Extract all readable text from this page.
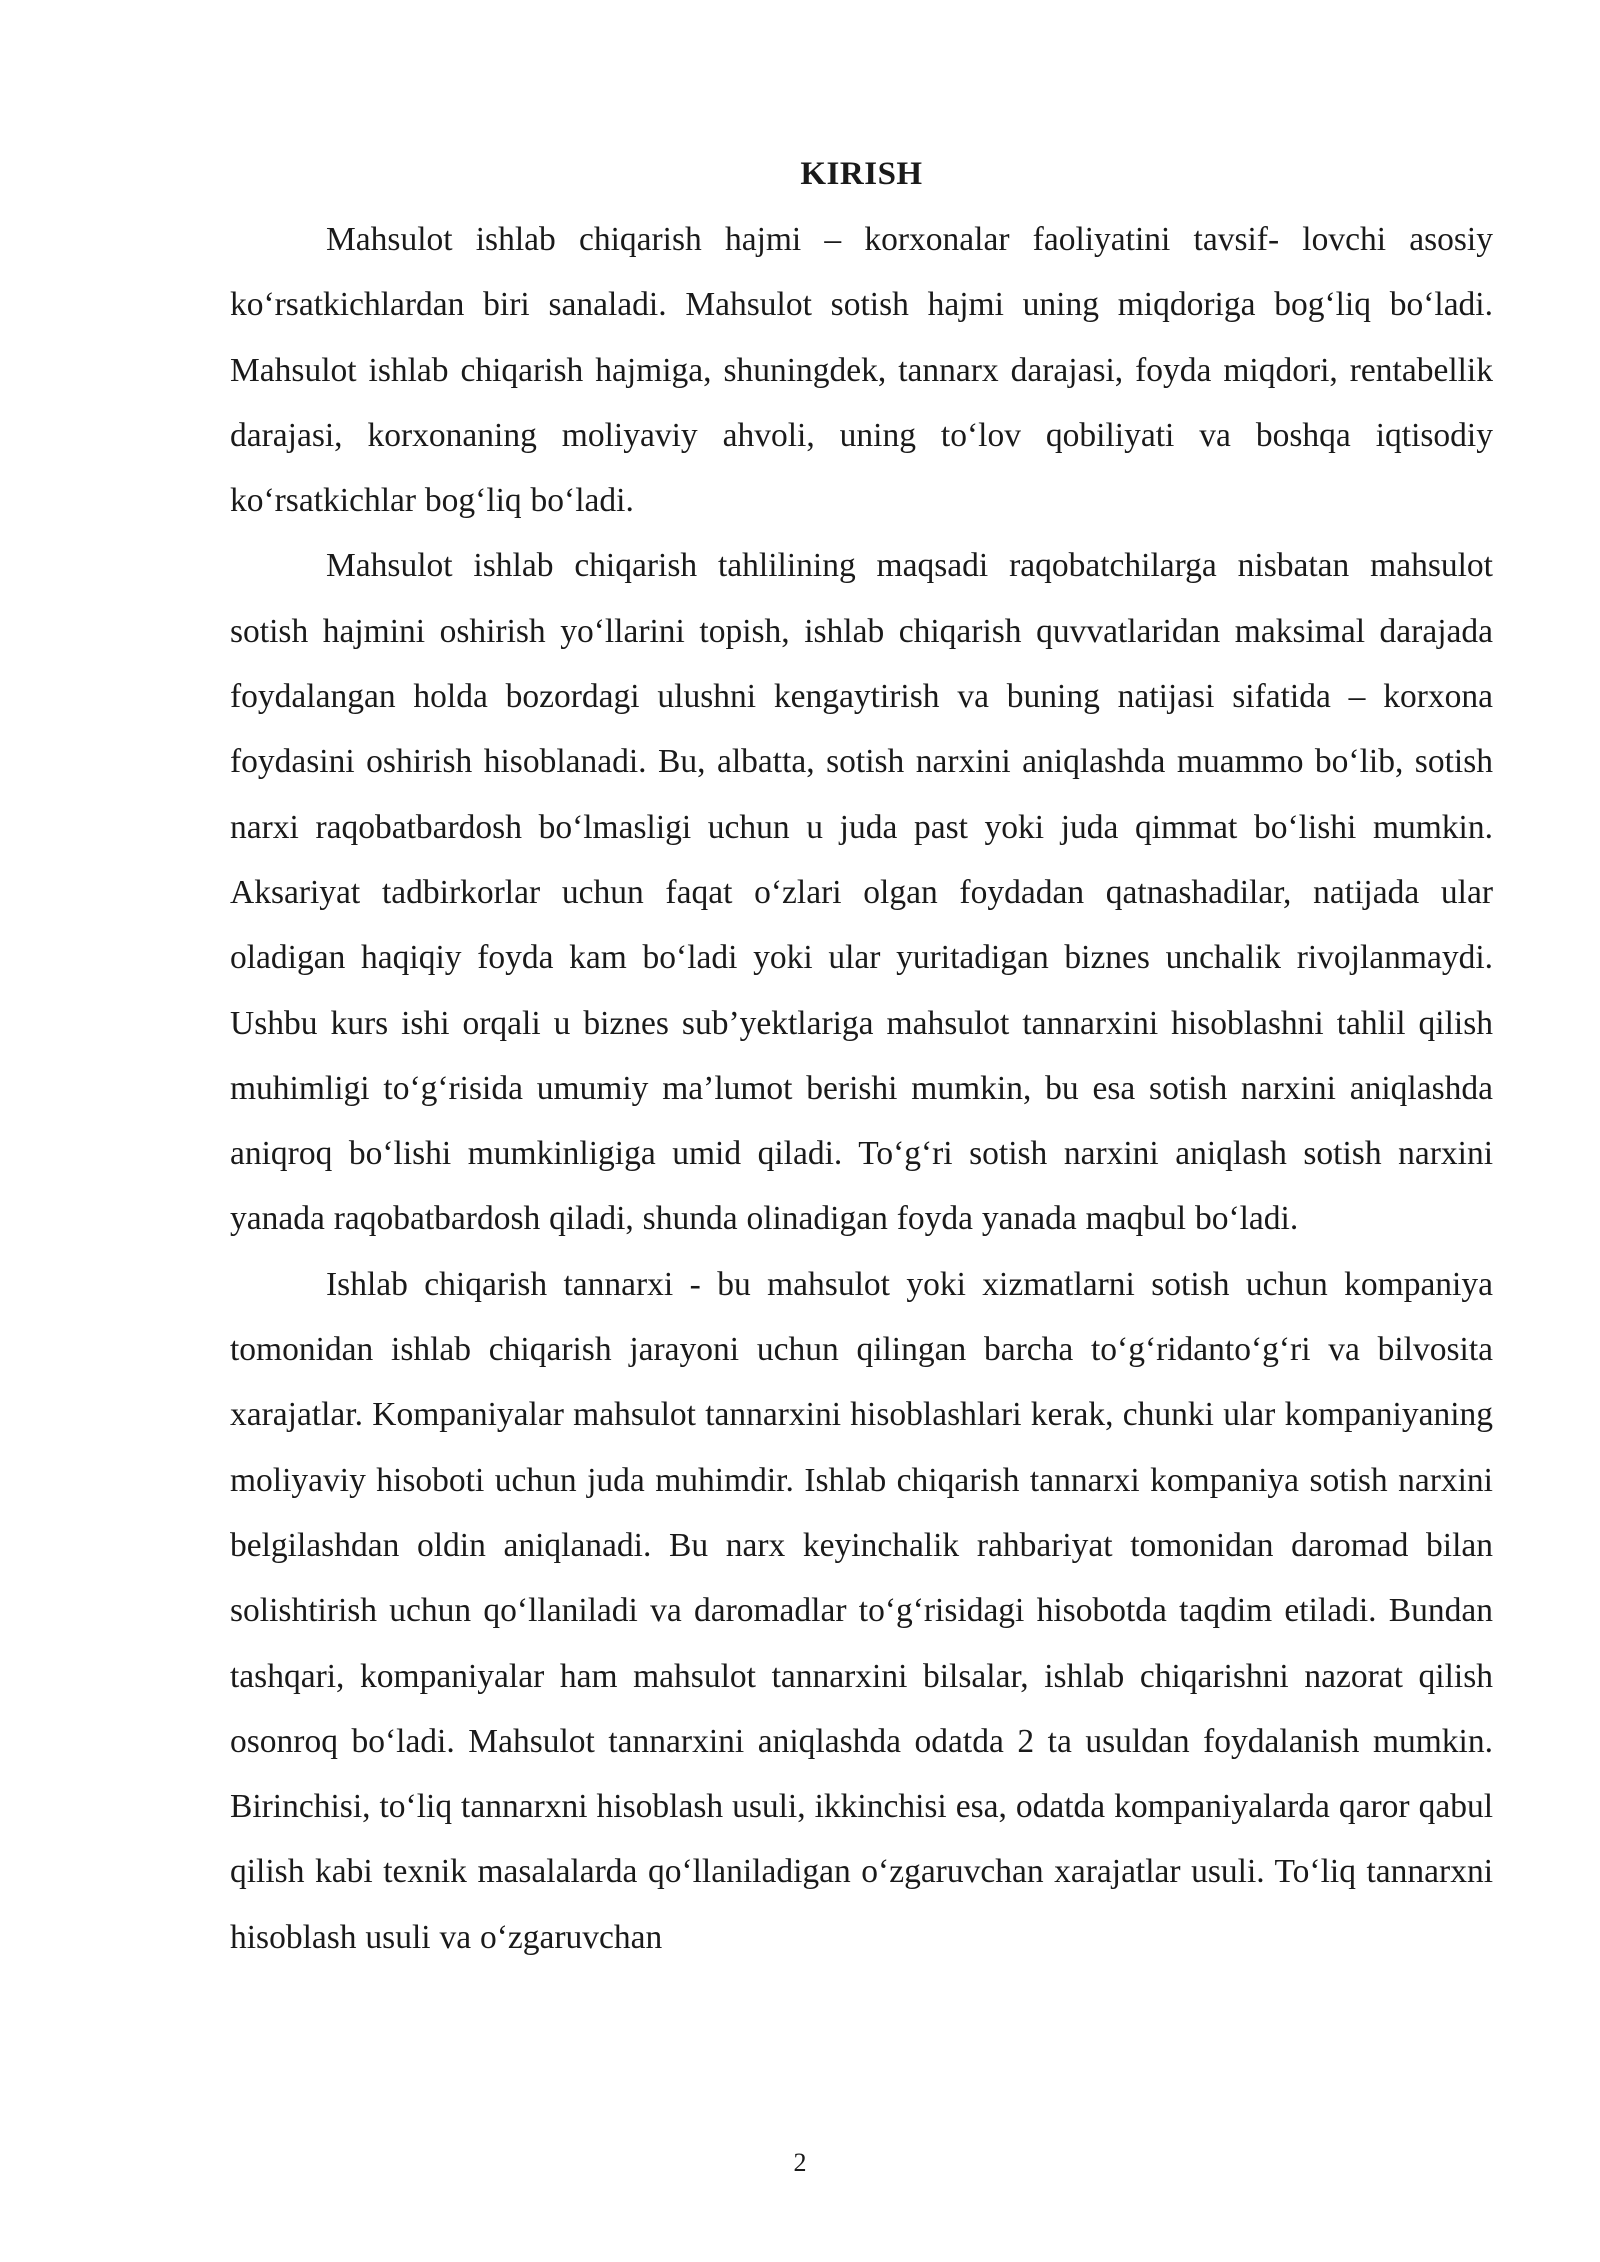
KIRISH

Mahsulot ishlab chiqarish hajmi – korxonalar faoliyatini tavsif- lovchi asosiy ko‘rsatkichlardan biri sanaladi. Mahsulot sotish hajmi uning miqdoriga bog‘liq bo‘ladi. Mahsulot ishlab chiqarish hajmiga, shuningdek, tannarx darajasi, foyda miqdori, rentabellik darajasi, korxonaning moliyaviy ahvoli, uning to‘lov qobiliyati va boshqa iqtisodiy ko‘rsatkichlar bog‘liq bo‘ladi.

Mahsulot ishlab chiqarish tahlilining maqsadi raqobatchilarga nisbatan mahsulot sotish hajmini oshirish yo‘llarini topish, ishlab chiqarish quvvatlaridan maksimal darajada foydalangan holda bozordagi ulushni kengaytirish va buning natijasi sifatida – korxona foydasini oshirish hisoblanadi. Bu, albatta, sotish narxini aniqlashda muammo bo‘lib, sotish narxi raqobatbardosh bo‘lmasligi uchun u juda past yoki juda qimmat bo‘lishi mumkin. Aksariyat tadbirkorlar uchun faqat o‘zlari olgan foydadan qatnashadilar, natijada ular oladigan haqiqiy foyda kam bo‘ladi yoki ular yuritadigan biznes unchalik rivojlanmaydi. Ushbu kurs ishi orqali u biznes sub’yektlariga mahsulot tannarxini hisoblashni tahlil qilish muhimligi to‘g‘risida umumiy ma’lumot berishi mumkin, bu esa sotish narxini aniqlashda aniqroq bo‘lishi mumkinligiga umid qiladi. To‘g‘ri sotish narxini aniqlash sotish narxini yanada raqobatbardosh qiladi, shunda olinadigan foyda yanada maqbul bo‘ladi.

Ishlab chiqarish tannarxi - bu mahsulot yoki xizmatlarni sotish uchun kompaniya tomonidan ishlab chiqarish jarayoni uchun qilingan barcha to‘g‘ridanto‘g‘ri va bilvosita xarajatlar. Kompaniyalar mahsulot tannarxini hisoblashlari kerak, chunki ular kompaniyaning moliyaviy hisoboti uchun juda muhimdir. Ishlab chiqarish tannarxi kompaniya sotish narxini belgilashdan oldin aniqlanadi. Bu narx keyinchalik rahbariyat tomonidan daromad bilan solishtirish uchun qo‘llaniladi va daromadlar to‘g‘risidagi hisobotda taqdim etiladi. Bundan tashqari, kompaniyalar ham mahsulot tannarxini bilsalar, ishlab chiqarishni nazorat qilish osonroq bo‘ladi. Mahsulot tannarxini aniqlashda odatda 2 ta usuldan foydalanish mumkin. Birinchisi, to‘liq tannarxni hisoblash usuli, ikkinchisi esa, odatda kompaniyalarda qaror qabul qilish kabi texnik masalalarda qo‘llaniladigan o‘zgaruvchan xarajatlar usuli. To‘liq tannarxni hisoblash usuli va o‘zgaruvchan

2
